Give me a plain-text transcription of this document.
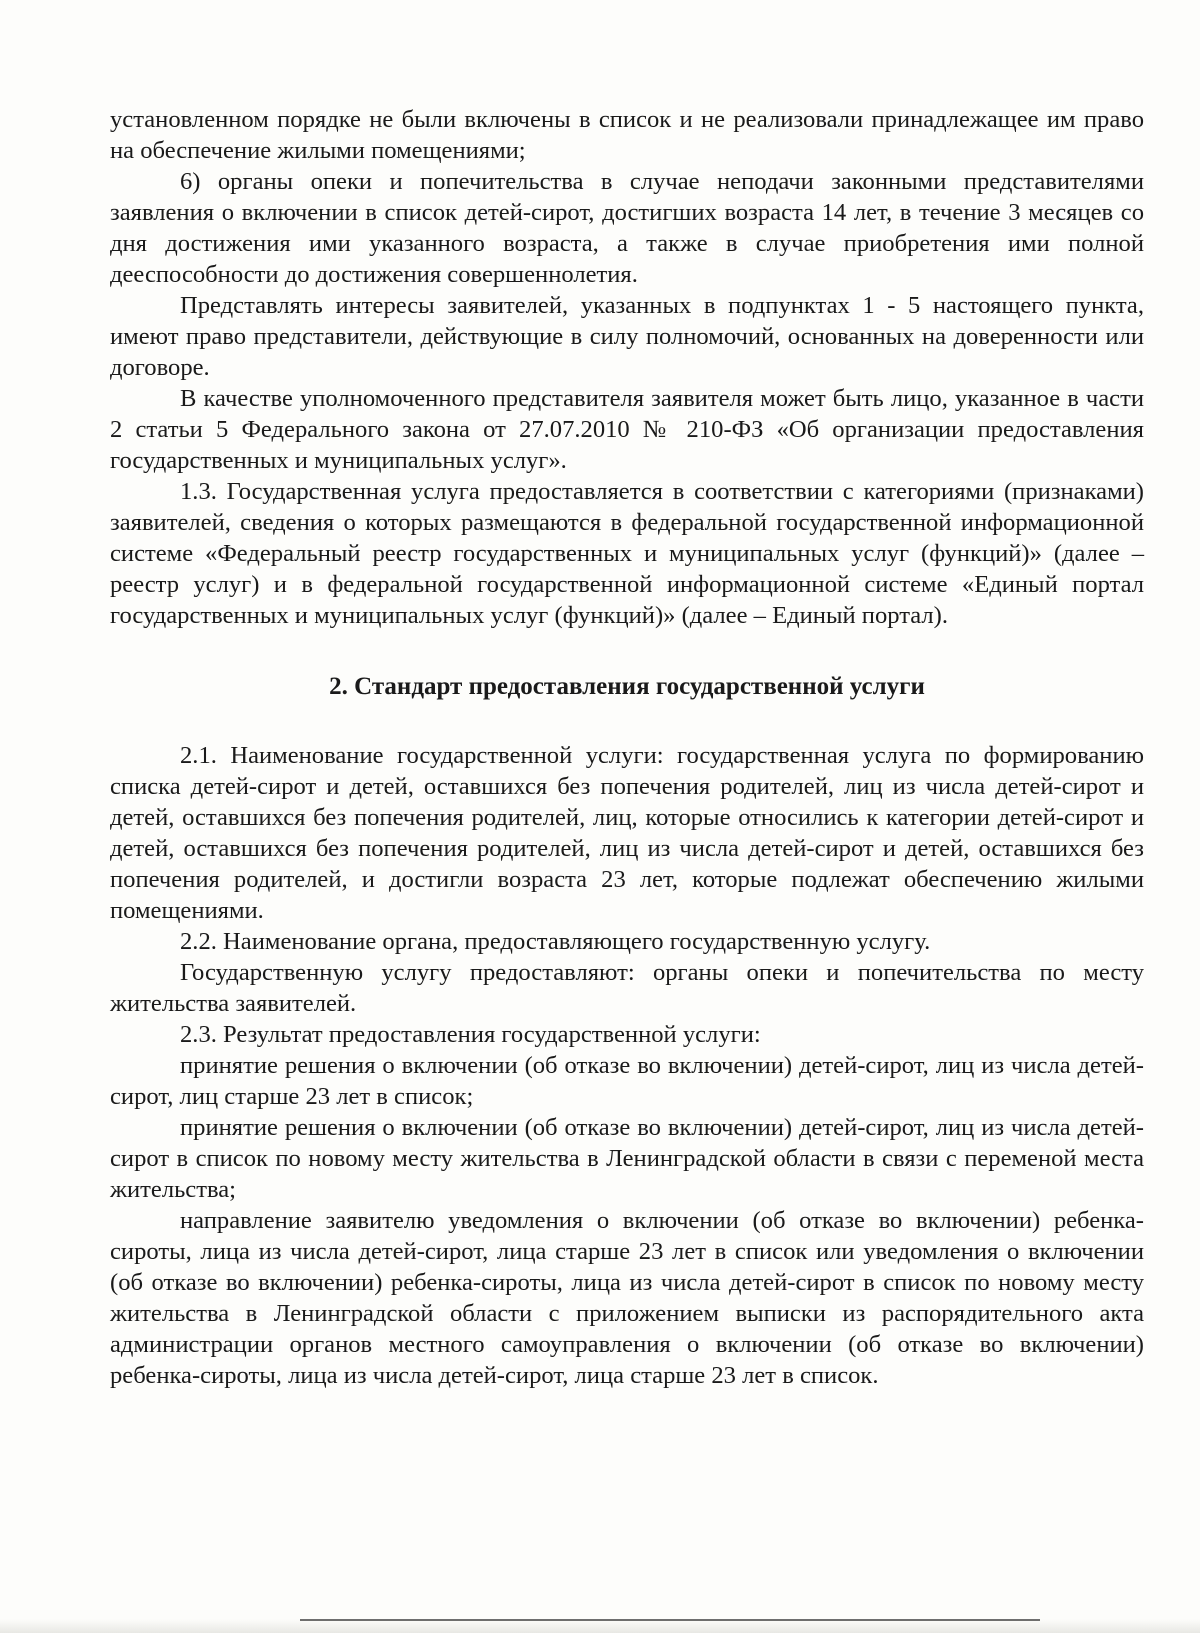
установленном порядке не были включены в список и не реализовали принадлежащее им право на обеспечение жилыми помещениями;

6) органы опеки и попечительства в случае неподачи законными представителями заявления о включении в список детей-сирот, достигших возраста 14 лет, в течение 3 месяцев со дня достижения ими указанного возраста, а также в случае приобретения ими полной дееспособности до достижения совершеннолетия.

Представлять интересы заявителей, указанных в подпунктах 1 - 5 настоящего пункта, имеют право представители, действующие в силу полномочий, основанных на доверенности или договоре.

В качестве уполномоченного представителя заявителя может быть лицо, указанное в части 2 статьи 5 Федерального закона от 27.07.2010 № 210-ФЗ «Об организации предоставления государственных и муниципальных услуг».

1.3. Государственная услуга предоставляется в соответствии с категориями (признаками) заявителей, сведения о которых размещаются в федеральной государственной информационной системе «Федеральный реестр государственных и муниципальных услуг (функций)» (далее – реестр услуг) и в федеральной государственной информационной системе «Единый портал государственных и муниципальных услуг (функций)» (далее – Единый портал).

2. Стандарт предоставления государственной услуги

2.1. Наименование государственной услуги: государственная услуга по формированию списка детей-сирот и детей, оставшихся без попечения родителей, лиц из числа детей-сирот и детей, оставшихся без попечения родителей, лиц, которые относились к категории детей-сирот и детей, оставшихся без попечения родителей, лиц из числа детей-сирот и детей, оставшихся без попечения родителей, и достигли возраста 23 лет, которые подлежат обеспечению жилыми помещениями.

2.2. Наименование органа, предоставляющего государственную услугу.

Государственную услугу предоставляют: органы опеки и попечительства по месту жительства заявителей.

2.3. Результат предоставления государственной услуги:

принятие решения о включении (об отказе во включении) детей-сирот, лиц из числа детей-сирот, лиц старше 23 лет в список;

принятие решения о включении (об отказе во включении) детей-сирот, лиц из числа детей-сирот в список по новому месту жительства в Ленинградской области в связи с переменой места жительства;

направление заявителю уведомления о включении (об отказе во включении) ребенка-сироты, лица из числа детей-сирот, лица старше 23 лет в список или уведомления о включении (об отказе во включении) ребенка-сироты, лица из числа детей-сирот в список по новому месту жительства в Ленинградской области с приложением выписки из распорядительного акта администрации органов местного самоуправления о включении (об отказе во включении) ребенка-сироты, лица из числа детей-сирот, лица старше 23 лет в список.
